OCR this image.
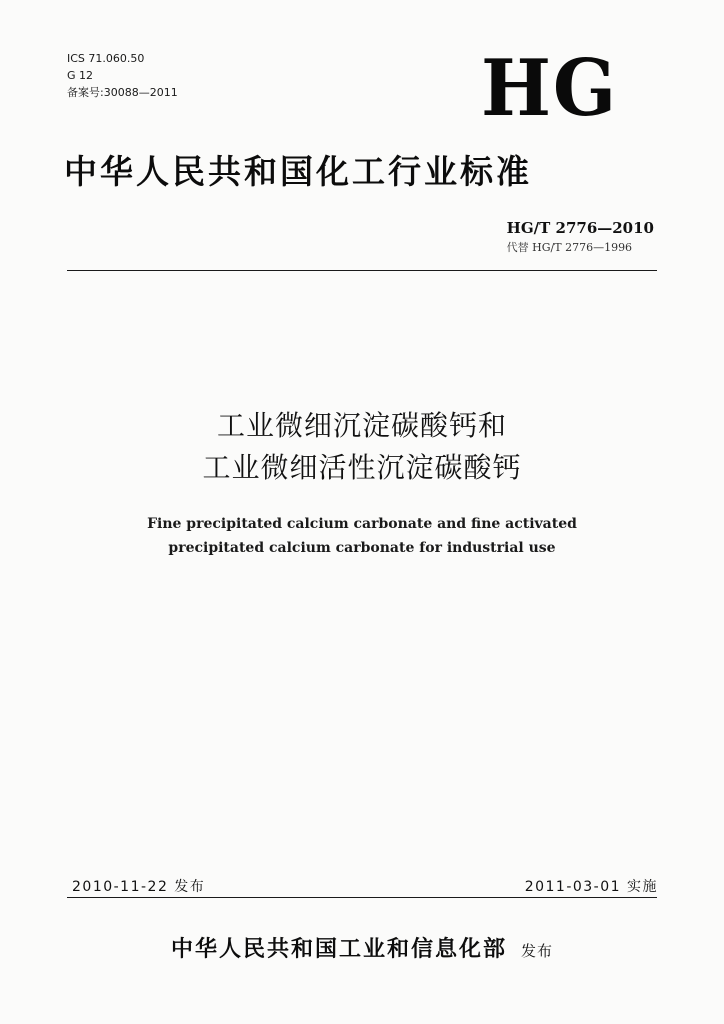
ICS 71.060.50
G 12
备案号:30088—2011	HG
中华人民共和国化工行业标准
HG/T 2776—2010
代替 HG/T 2776—1996
工业微细沉淀碳酸钙和
工业微细活性沉淀碳酸钙
Fine precipitated calcium carbonate and fine activated
precipitated calcium carbonate for industrial use
2010-11-22 发布	2011-03-01 实施
中华人民共和国工业和信息化部 发布
